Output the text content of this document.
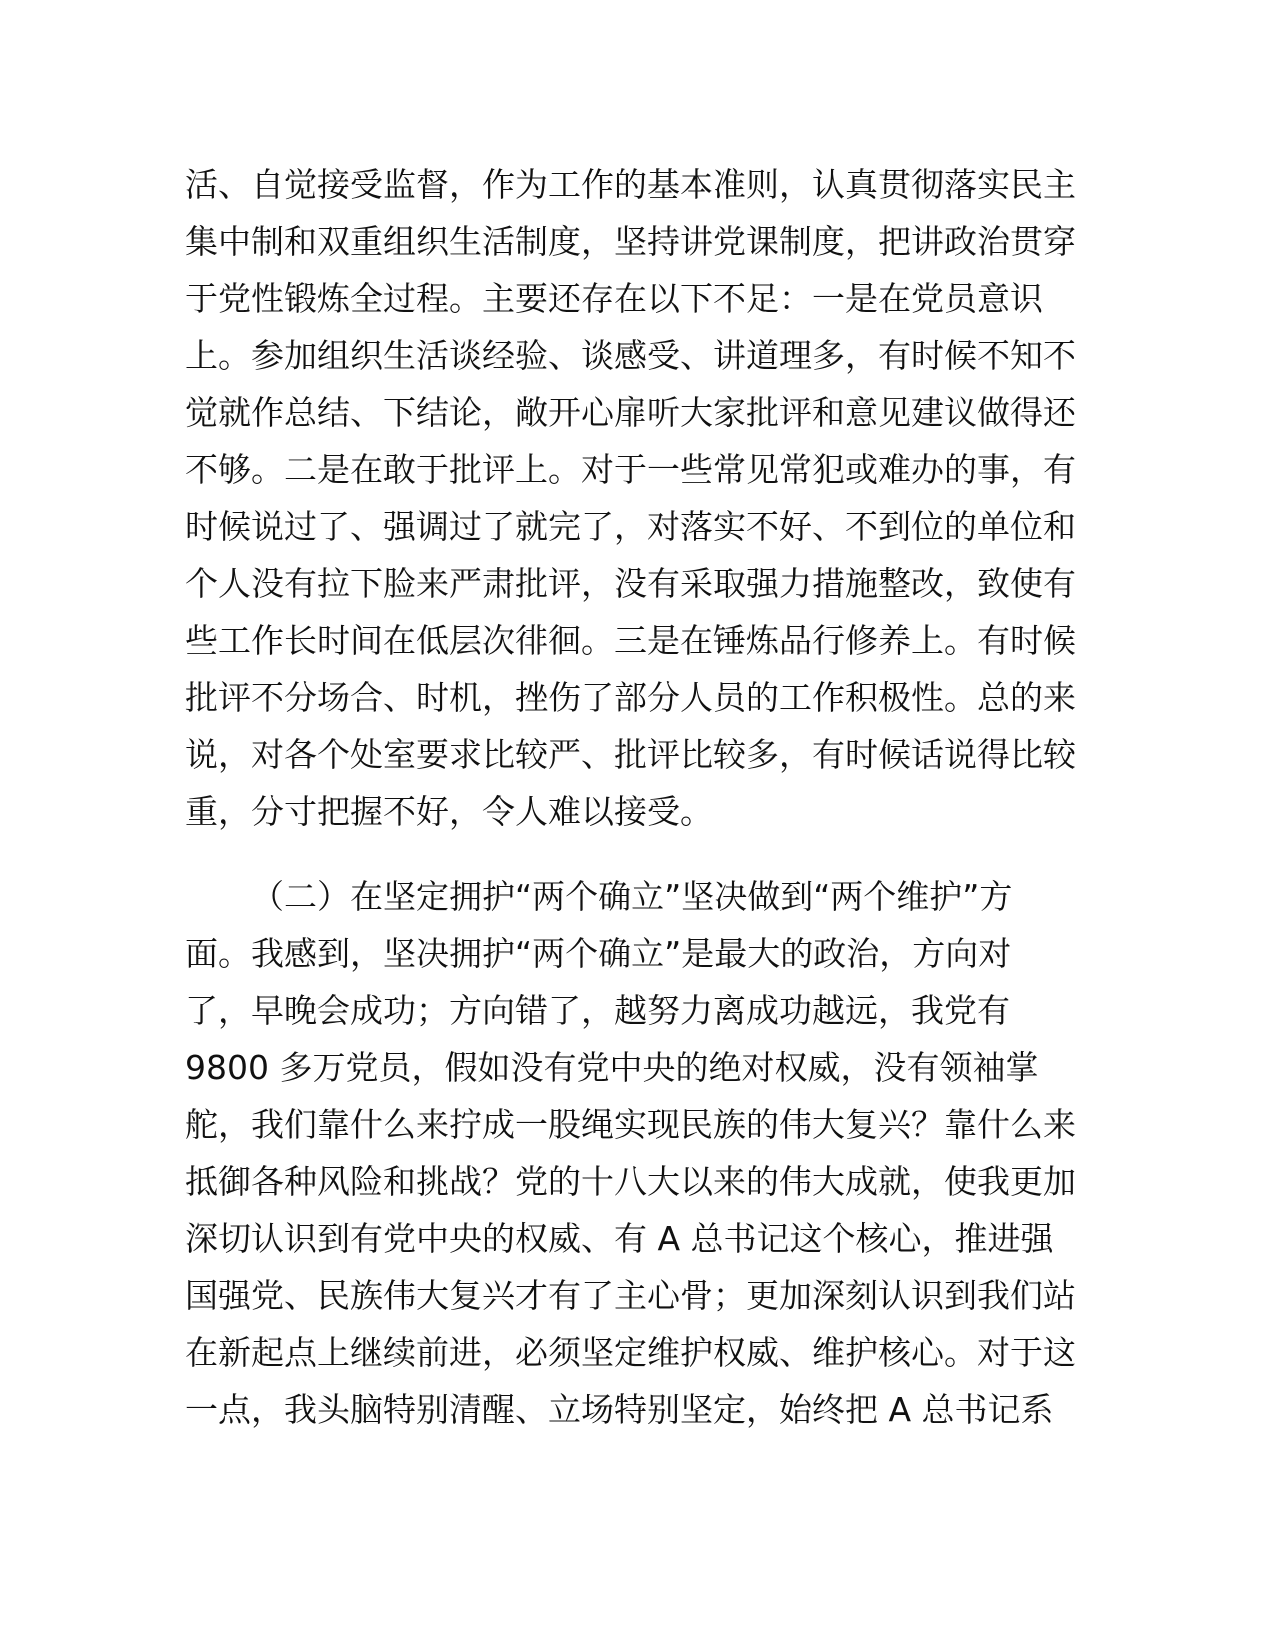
活、自觉接受监督，作为工作的基本准则，认真贯彻落实民主
集中制和双重组织生活制度，坚持讲党课制度，把讲政治贯穿
于党性锻炼全过程。主要还存在以下不足：一是在党员意识
上。参加组织生活谈经验、谈感受、讲道理多，有时候不知不
觉就作总结、下结论，敞开心扉听大家批评和意见建议做得还
不够。二是在敢于批评上。对于一些常见常犯或难办的事，有
时候说过了、强调过了就完了，对落实不好、不到位的单位和
个人没有拉下脸来严肃批评，没有采取强力措施整改，致使有
些工作长时间在低层次徘徊。三是在锤炼品行修养上。有时候
批评不分场合、时机，挫伤了部分人员的工作积极性。总的来
说，对各个处室要求比较严、批评比较多，有时候话说得比较
重，分寸把握不好，令人难以接受。
（二）在坚定拥护“两个确立”坚决做到“两个维护”方
面。我感到，坚决拥护“两个确立”是最大的政治，方向对
了，早晚会成功；方向错了，越努力离成功越远，我党有
9800 多万党员，假如没有党中央的绝对权威，没有领袖掌
舵，我们靠什么来拧成一股绳实现民族的伟大复兴？靠什么来
抵御各种风险和挑战？党的十八大以来的伟大成就，使我更加
深切认识到有党中央的权威、有 A 总书记这个核心，推进强
国强党、民族伟大复兴才有了主心骨；更加深刻认识到我们站
在新起点上继续前进，必须坚定维护权威、维护核心。对于这
一点，我头脑特别清醒、立场特别坚定，始终把 A 总书记系
